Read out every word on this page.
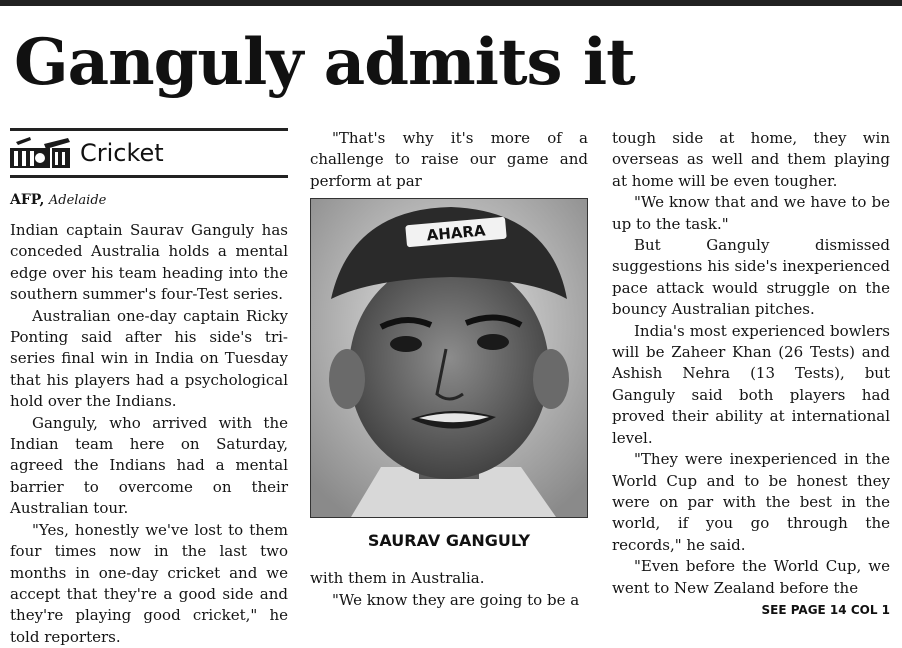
Ganguly admits it
Cricket
AFP, Adelaide

Indian captain Saurav Ganguly has conceded Australia holds a mental edge over his team heading into the southern summer's four-Test series.

Australian one-day captain Ricky Ponting said after his side's tri-series final win in India on Tuesday that his players had a psychological hold over the Indians.

Ganguly, who arrived with the Indian team here on Saturday, agreed the Indians had a mental barrier to overcome on their Australian tour.

"Yes, honestly we've lost to them four times now in the last two months in one-day cricket and we accept that they're a good side and they're playing good cricket," he told reporters.

"That's why it's more of a challenge to raise our game and perform at par

AHARA
SAURAV GANGULY

with them in Australia.

"We know they are going to be a

tough side at home, they win overseas as well and them playing at home will be even tougher.

"We know that and we have to be up to the task."

But Ganguly dismissed suggestions his side's inexperienced pace attack would struggle on the bouncy Australian pitches.

India's most experienced bowlers will be Zaheer Khan (26 Tests) and Ashish Nehra (13 Tests), but Ganguly said both players had proved their ability at international level.

"They were inexperienced in the World Cup and to be honest they were on par with the best in the world, if you go through the records," he said.

"Even before the World Cup, we went to New Zealand before the

SEE PAGE 14 COL 1
